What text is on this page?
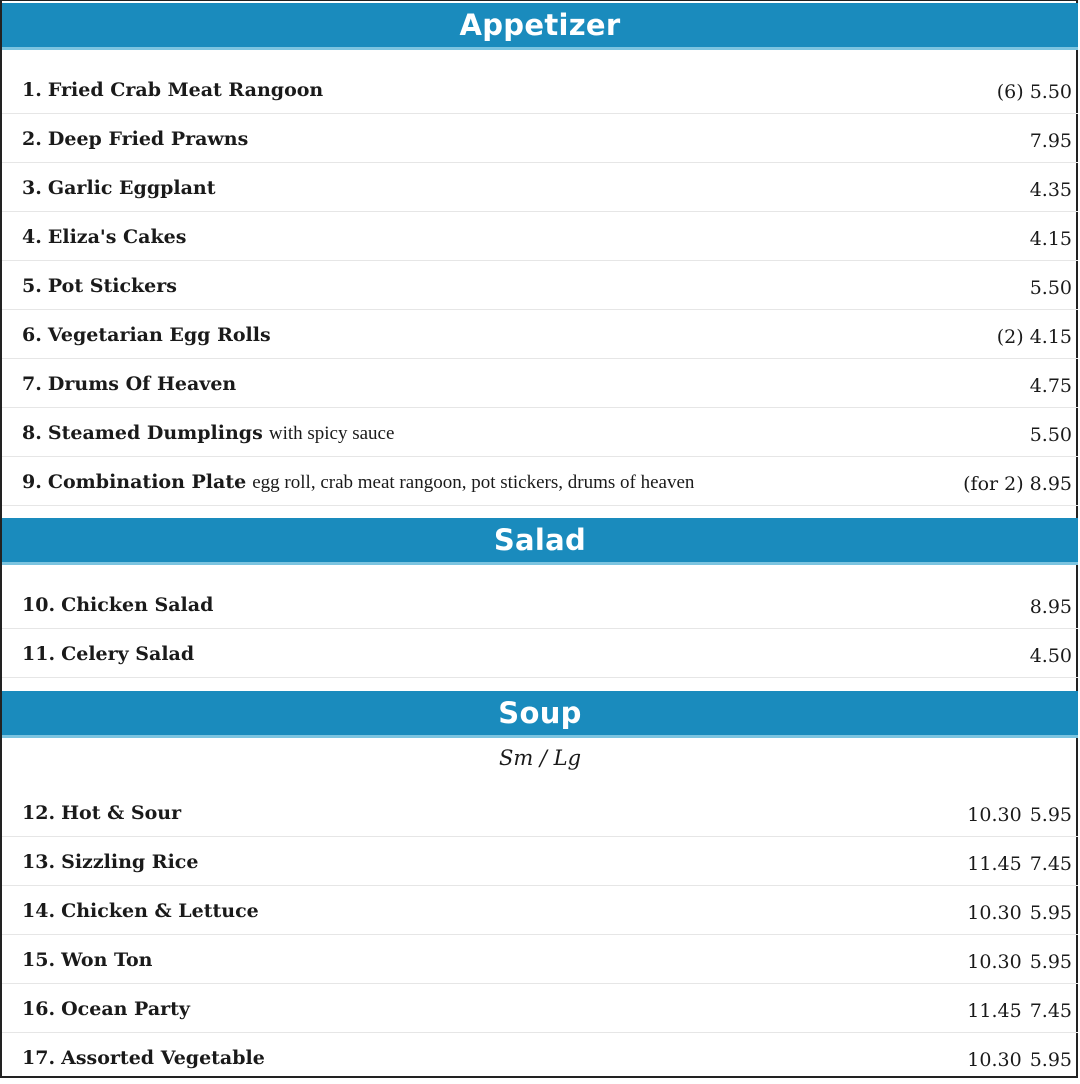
Appetizer
1. Fried Crab Meat Rangoon	(6) 5.50
2. Deep Fried Prawns	7.95
3. Garlic Eggplant	4.35
4. Eliza's Cakes	4.15
5. Pot Stickers	5.50
6. Vegetarian Egg Rolls	(2) 4.15
7. Drums Of Heaven	4.75
8. Steamed Dumplings with spicy sauce	5.50
9. Combination Plate egg roll, crab meat rangoon, pot stickers, drums of heaven	(for 2) 8.95
Salad
10. Chicken Salad	8.95
11. Celery Salad	4.50
Soup
Sm / Lg
12. Hot & Sour	10.30 5.95
13. Sizzling Rice	11.45 7.45
14. Chicken & Lettuce	10.30 5.95
15. Won Ton	10.30 5.95
16. Ocean Party	11.45 7.45
17. Assorted Vegetable	10.30 5.95
